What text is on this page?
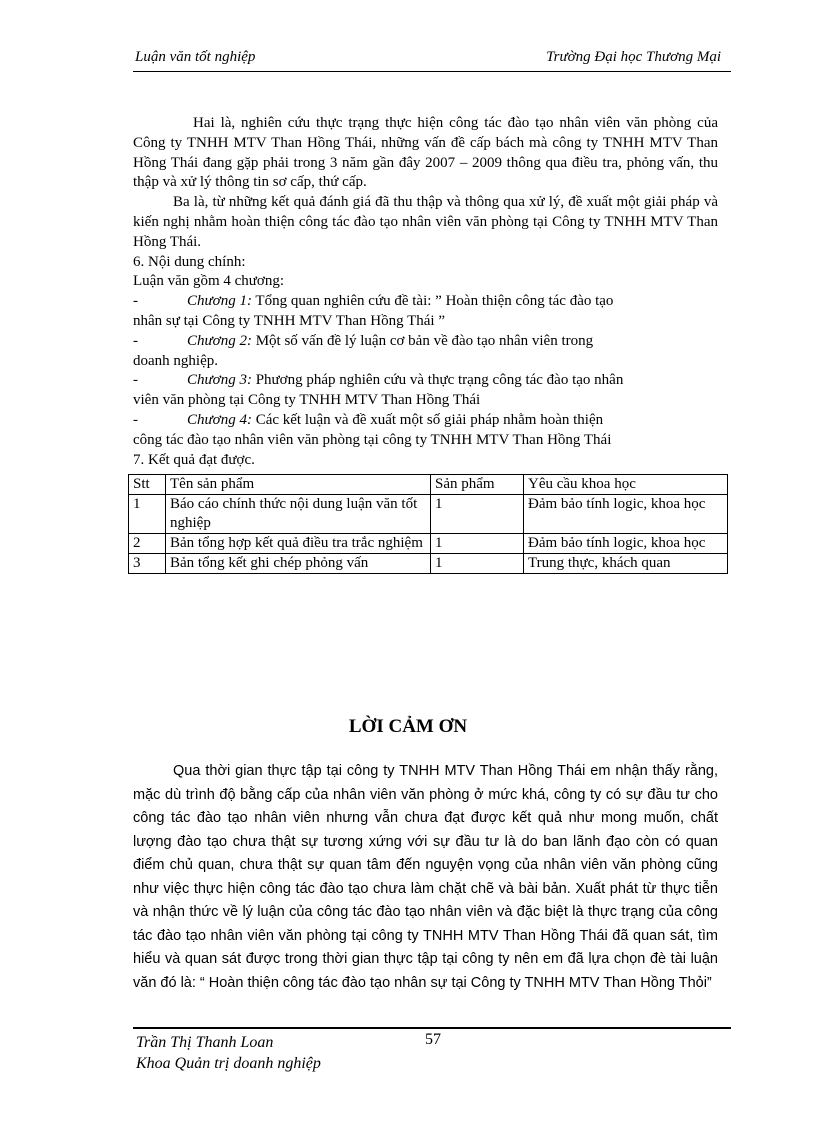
Luận văn tốt nghiệp	Trường Đại học Thương Mại

Hai là, nghiên cứu thực trạng thực hiện công tác đào tạo nhân viên văn phòng của Công ty TNHH MTV Than Hồng Thái, những vấn đề cấp bách mà công ty TNHH MTV Than Hồng Thái đang gặp phải trong 3 năm gần đây 2007 – 2009 thông qua điều tra, phỏng vấn, thu thập và xử lý thông tin sơ cấp, thứ cấp.

Ba là, từ những kết quả đánh giá đã thu thập và thông qua xử lý, đề xuất một giải pháp và kiến nghị nhằm hoàn thiện công tác đào tạo nhân viên văn phòng tại Công ty TNHH MTV Than Hồng Thái.

6. Nội dung chính:

Luận văn gồm 4 chương:

-	Chương 1: Tổng quan nghiên cứu đề tài: ” Hoàn thiện công tác đào tạo

nhân sự tại Công ty TNHH MTV Than Hồng Thái ”

-	Chương 2: Một số vấn đề lý luận cơ bản về đào tạo nhân viên trong

doanh nghiệp.

-	Chương 3: Phương pháp nghiên cứu và thực trạng công tác đào tạo nhân

viên văn phòng tại Công ty TNHH MTV Than Hồng Thái

-	Chương 4: Các kết luận và đề xuất một số giải pháp nhằm hoàn thiện

công tác đào tạo nhân viên văn phòng tại công ty TNHH MTV Than Hồng Thái

7. Kết quả đạt được.

Stt	Tên sản phẩm	Sản phẩm	Yêu cầu khoa học
1	Báo cáo chính thức nội dung luận văn tốt nghiệp	1	Đảm bảo tính logic, khoa học
2	Bản tổng hợp kết quả điều tra trắc nghiệm	1	Đảm bảo tính logic, khoa học
3	Bản tổng kết ghi chép phỏng vấn	1	Trung thực, khách quan
LỜI CẢM ƠN

Qua thời gian thực tập tại công ty TNHH MTV Than Hồng Thái em nhận thấy rằng, mặc dù trình độ bằng cấp của nhân viên văn phòng ở mức khá, công ty có sự đầu tư cho công tác đào tạo nhân viên nhưng vẫn chưa đạt được kết quả như mong muốn, chất lượng đào tạo chưa thật sự tương xứng với sự đầu tư là do ban lãnh đạo còn có quan điểm chủ quan, chưa thật sự quan tâm đến nguyện vọng của nhân viên văn phòng cũng như việc thực hiện công tác đào tạo chưa làm chặt chẽ và bài bản. Xuất phát từ thực tiễn và nhận thức về lý luận của công tác đào tạo nhân viên và đặc biệt là thực trạng của công tác đào tạo nhân viên văn phòng tại công ty TNHH MTV Than Hồng Thái đã quan sát, tìm hiểu và quan sát được trong thời gian thực tập tại công ty nên em đã lựa chọn đè tài luận văn đó là: “ Hoàn thiện công tác đào tạo nhân sự tại Công ty TNHH MTV Than Hồng Thỏi”

Trần Thị Thanh Loan	57
Khoa Quản trị doanh nghiệp
